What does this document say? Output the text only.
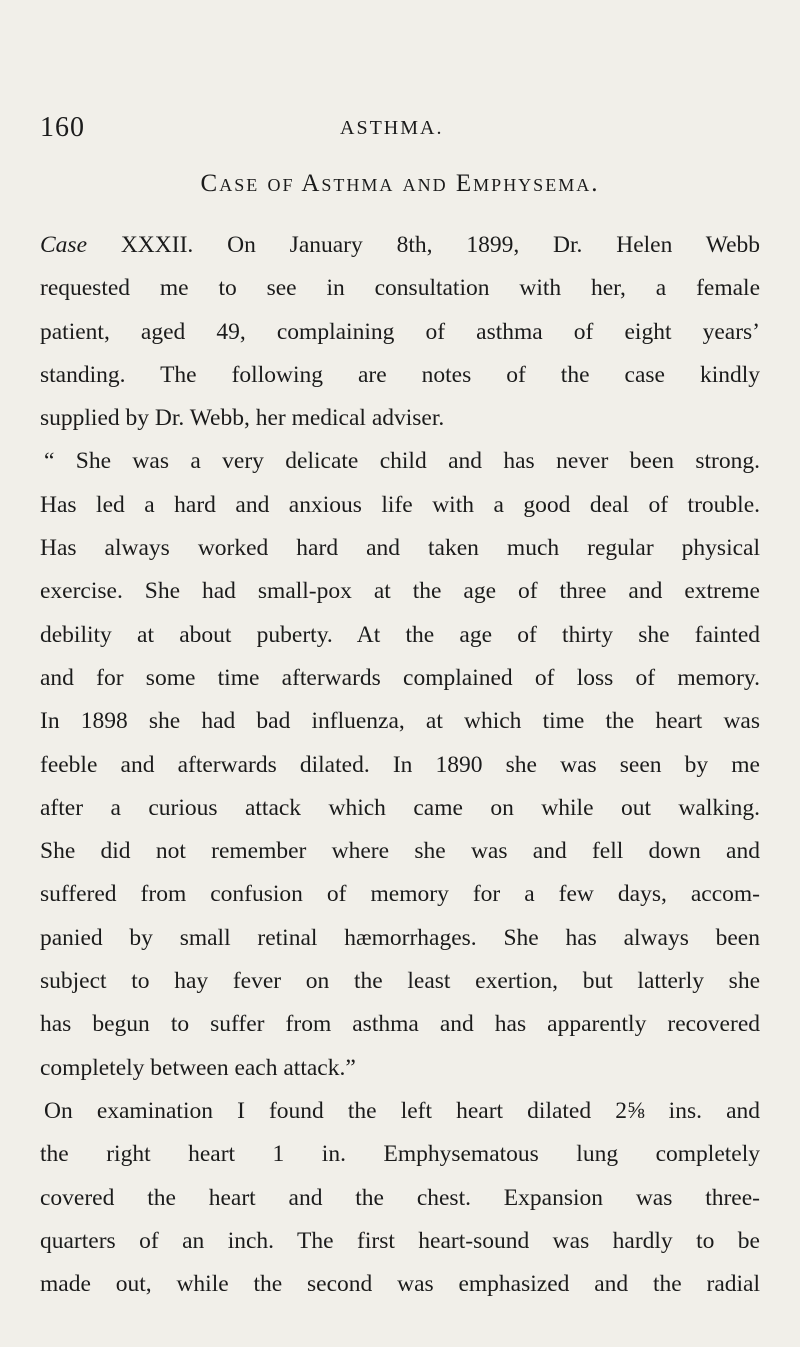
160	ASTHMA.
Case of Asthma and Emphysema.
Case XXXII. On January 8th, 1899, Dr. Helen Webb
requested me to see in consultation with her, a female
patient, aged 49, complaining of asthma of eight years’
standing. The following are notes of the case kindly
supplied by Dr. Webb, her medical adviser.
“ She was a very delicate child and has never been strong.
Has led a hard and anxious life with a good deal of trouble.
Has always worked hard and taken much regular physical
exercise. She had small-pox at the age of three and extreme
debility at about puberty. At the age of thirty she fainted
and for some time afterwards complained of loss of memory.
In 1898 she had bad influenza, at which time the heart was
feeble and afterwards dilated. In 1890 she was seen by me
after a curious attack which came on while out walking.
She did not remember where she was and fell down and
suffered from confusion of memory for a few days, accom-
panied by small retinal hæmorrhages. She has always been
subject to hay fever on the least exertion, but latterly she
has begun to suffer from asthma and has apparently recovered
completely between each attack.”
On examination I found the left heart dilated 2⅝ ins. and
the right heart 1 in. Emphysematous lung completely
covered the heart and the chest. Expansion was three-
quarters of an inch. The first heart-sound was hardly to be
made out, while the second was emphasized and the radial
